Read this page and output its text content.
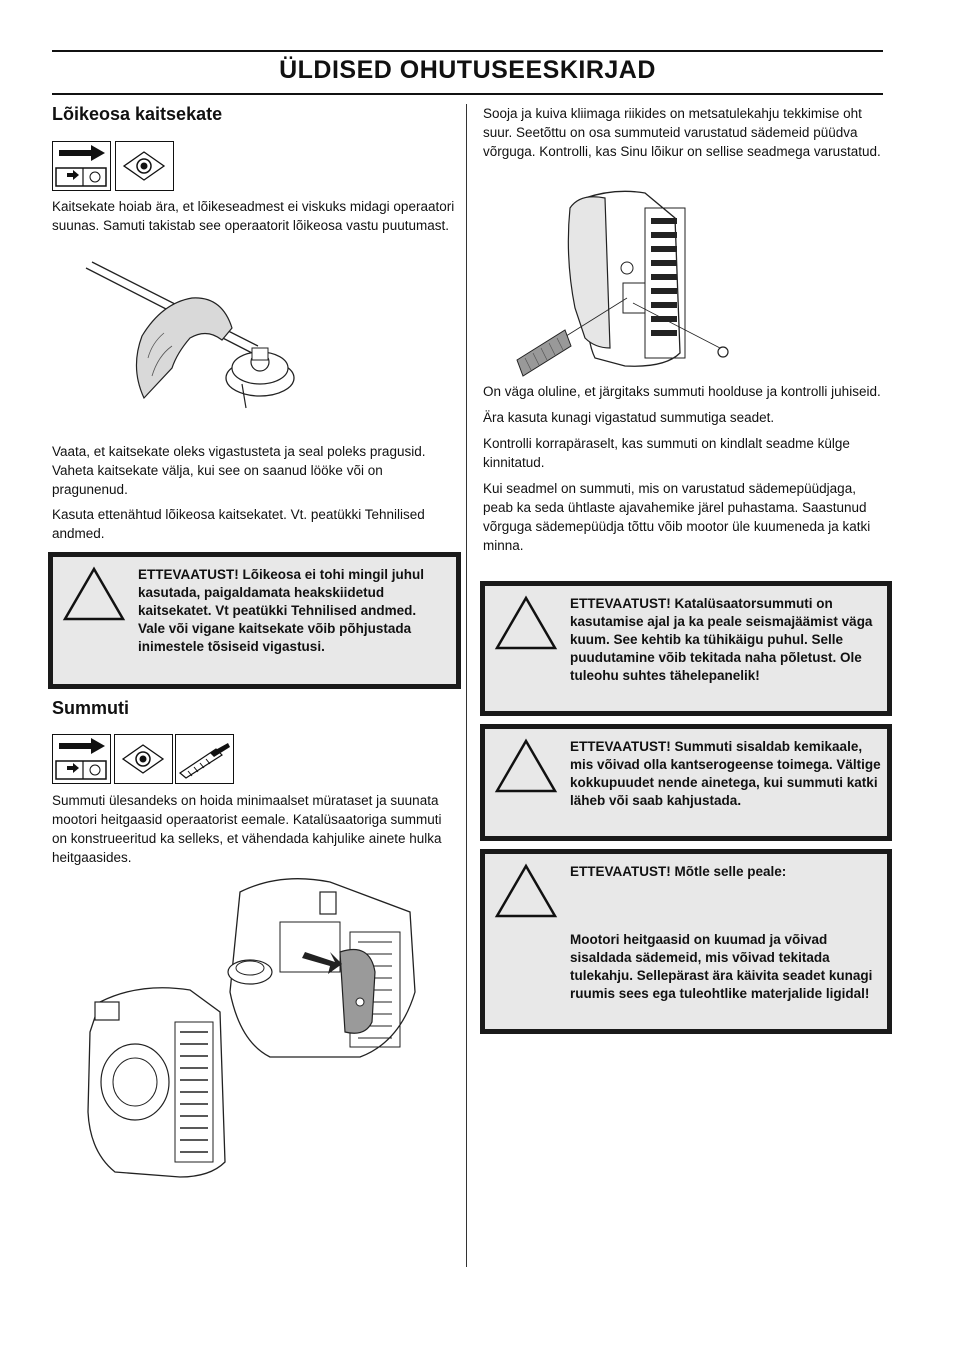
ÜLDISED OHUTUSEESKIRJAD
Lõikeosa kaitsekate

Kaitsekate hoiab ära, et lõikeseadmest ei viskuks midagi operaatori suunas. Samuti takistab see operaatorit lõikeosa vastu puutumast.

Vaata, et kaitsekate oleks vigastusteta ja seal poleks pragusid. Vaheta kaitsekate välja, kui see on saanud lööke või on pragunenud.

Kasuta ettenähtud lõikeosa kaitsekatet. Vt. peatükki Tehnilised andmed.

ETTEVAATUST! Lõikeosa ei tohi mingil juhul kasutada, paigaldamata heakskiidetud kaitsekatet. Vt peatükki Tehnilised andmed. Vale või vigane kaitsekate võib põhjustada inimestele tõsiseid vigastusi.
Summuti

Summuti ülesandeks on hoida minimaalset mürataset ja suunata mootori heitgaasid operaatorist eemale. Katalüsaatoriga summuti on konstrueeritud ka selleks, et vähendada kahjulike ainete hulka heitgaasides.

Sooja ja kuiva kliimaga riikides on metsatulekahju tekkimise oht suur. Seetõttu on osa summuteid varustatud sädemeid püüdva võrguga. Kontrolli, kas Sinu lõikur on sellise seadmega varustatud.

On väga oluline, et järgitaks summuti hoolduse ja kontrolli juhiseid.

Ära kasuta kunagi vigastatud summutiga seadet.

Kontrolli korrapäraselt, kas summuti on kindlalt seadme külge kinnitatud.

Kui seadmel on summuti, mis on varustatud sädemepüüdjaga, peab ka seda ühtlaste ajavahemike järel puhastama. Saastunud võrguga sädemepüüdja tõttu võib mootor üle kuumeneda ja katki minna.

ETTEVAATUST! Katalüsaatorsummuti on kasutamise ajal ja ka peale seismajäämist väga kuum. See kehtib ka tühikäigu puhul. Selle puudutamine võib tekitada naha põletust. Ole tuleohu suhtes tähelepanelik!
ETTEVAATUST! Summuti sisaldab kemikaale, mis võivad olla kantserogeense toimega. Vältige kokkupuudet nende ainetega, kui summuti katki läheb või saab kahjustada.
ETTEVAATUST! Mõtle selle peale:
Mootori heitgaasid on kuumad ja võivad sisaldada sädemeid, mis võivad tekitada tulekahju. Sellepärast ära käivita seadet kunagi ruumis sees ega tuleohtlike materjalide ligidal!
